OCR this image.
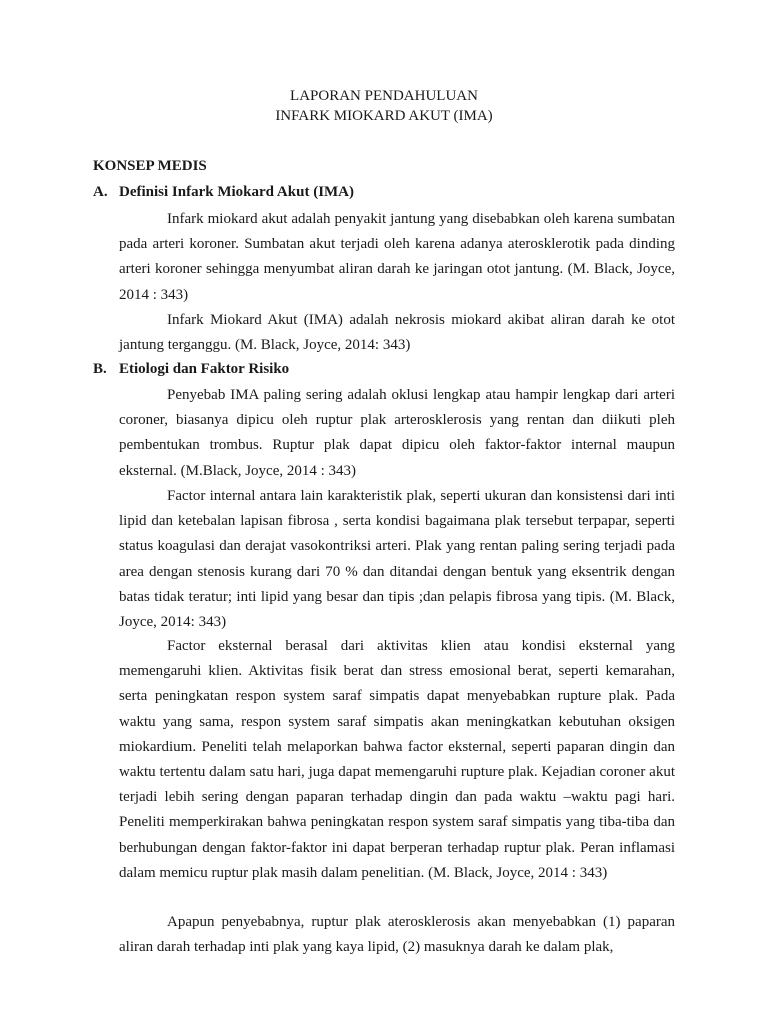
LAPORAN PENDAHULUAN
INFARK MIOKARD AKUT (IMA)
KONSEP MEDIS
A. Definisi Infark Miokard Akut (IMA)

Infark miokard akut adalah penyakit jantung yang disebabkan oleh karena sumbatan pada arteri koroner. Sumbatan akut terjadi oleh karena adanya aterosklerotik pada dinding arteri koroner sehingga menyumbat aliran darah ke jaringan otot jantung. (M. Black, Joyce, 2014 : 343)

Infark Miokard Akut (IMA) adalah nekrosis miokard akibat aliran darah ke otot jantung terganggu. (M. Black, Joyce, 2014: 343)

B. Etiologi dan Faktor Risiko

Penyebab IMA paling sering adalah oklusi lengkap atau hampir lengkap dari arteri coroner, biasanya dipicu oleh ruptur plak arterosklerosis yang rentan dan diikuti pleh pembentukan trombus. Ruptur plak dapat dipicu oleh faktor-faktor internal maupun eksternal. (M.Black, Joyce, 2014 : 343)

Factor internal antara lain karakteristik plak, seperti ukuran dan konsistensi dari inti lipid dan ketebalan lapisan fibrosa , serta kondisi bagaimana plak tersebut terpapar, seperti status koagulasi dan derajat vasokontriksi arteri. Plak yang rentan paling sering terjadi pada area dengan stenosis kurang dari 70 % dan ditandai dengan bentuk yang eksentrik dengan batas tidak teratur; inti lipid yang besar dan tipis ;dan pelapis fibrosa yang tipis. (M. Black, Joyce, 2014: 343)

Factor eksternal berasal dari aktivitas klien atau kondisi eksternal yang memengaruhi klien. Aktivitas fisik berat dan stress emosional berat, seperti kemarahan, serta peningkatan respon system saraf simpatis dapat menyebabkan rupture plak. Pada waktu yang sama, respon system saraf simpatis akan meningkatkan kebutuhan oksigen miokardium. Peneliti telah melaporkan bahwa factor eksternal, seperti paparan dingin dan waktu tertentu dalam satu hari, juga dapat memengaruhi rupture plak. Kejadian coroner akut terjadi lebih sering dengan paparan terhadap dingin dan pada waktu –waktu pagi hari. Peneliti memperkirakan bahwa peningkatan respon system saraf simpatis yang tiba-tiba dan berhubungan dengan faktor-faktor ini dapat berperan terhadap ruptur plak. Peran inflamasi dalam memicu ruptur plak masih dalam penelitian. (M. Black, Joyce, 2014 : 343)

Apapun penyebabnya, ruptur plak aterosklerosis akan menyebabkan (1) paparan aliran darah terhadap inti plak yang kaya lipid, (2) masuknya darah ke dalam plak,
